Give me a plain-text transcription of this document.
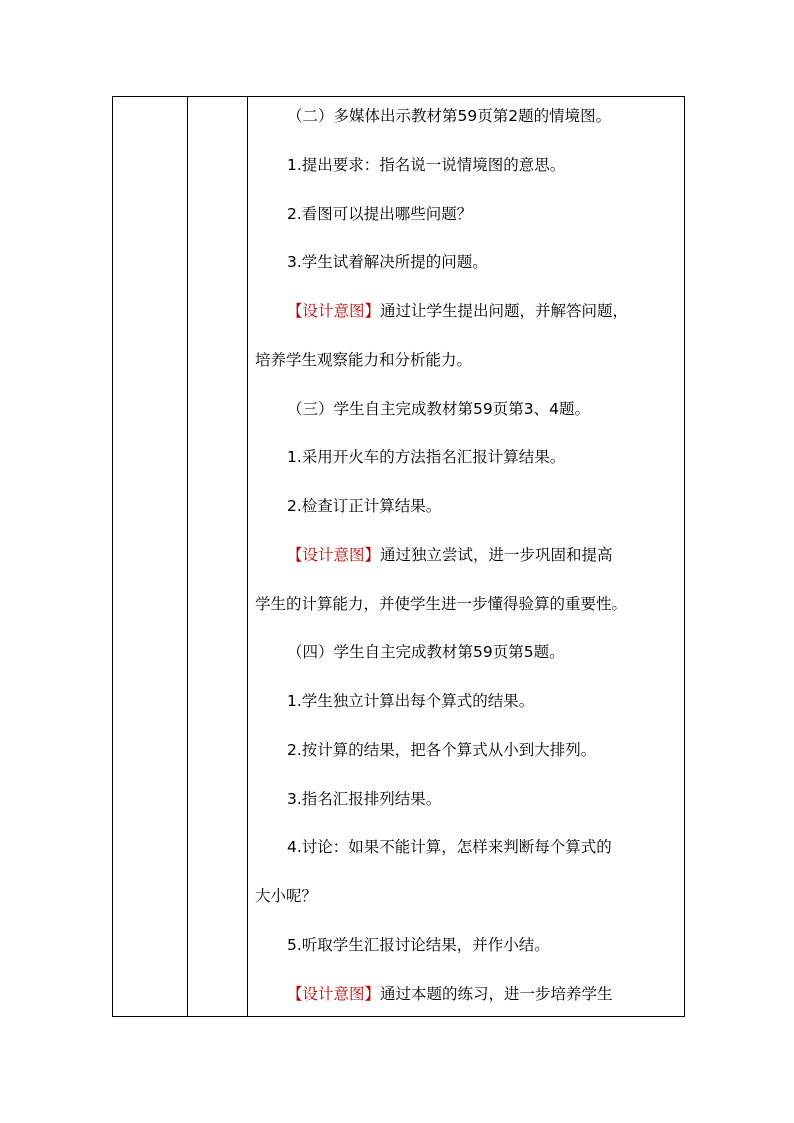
（二）多媒体出示教材第59页第2题的情境图。
1.提出要求：指名说一说情境图的意思。
2.看图可以提出哪些问题？
3.学生试着解决所提的问题。
【设计意图】通过让学生提出问题，并解答问题，
培养学生观察能力和分析能力。
（三）学生自主完成教材第59页第3、4题。
1.采用开火车的方法指名汇报计算结果。
2.检查订正计算结果。
【设计意图】通过独立尝试，进一步巩固和提高
学生的计算能力，并使学生进一步懂得验算的重要性。
（四）学生自主完成教材第59页第5题。
1.学生独立计算出每个算式的结果。
2.按计算的结果，把各个算式从小到大排列。
3.指名汇报排列结果。
4.讨论：如果不能计算，怎样来判断每个算式的
大小呢？
5.听取学生汇报讨论结果，并作小结。
【设计意图】通过本题的练习，进一步培养学生
